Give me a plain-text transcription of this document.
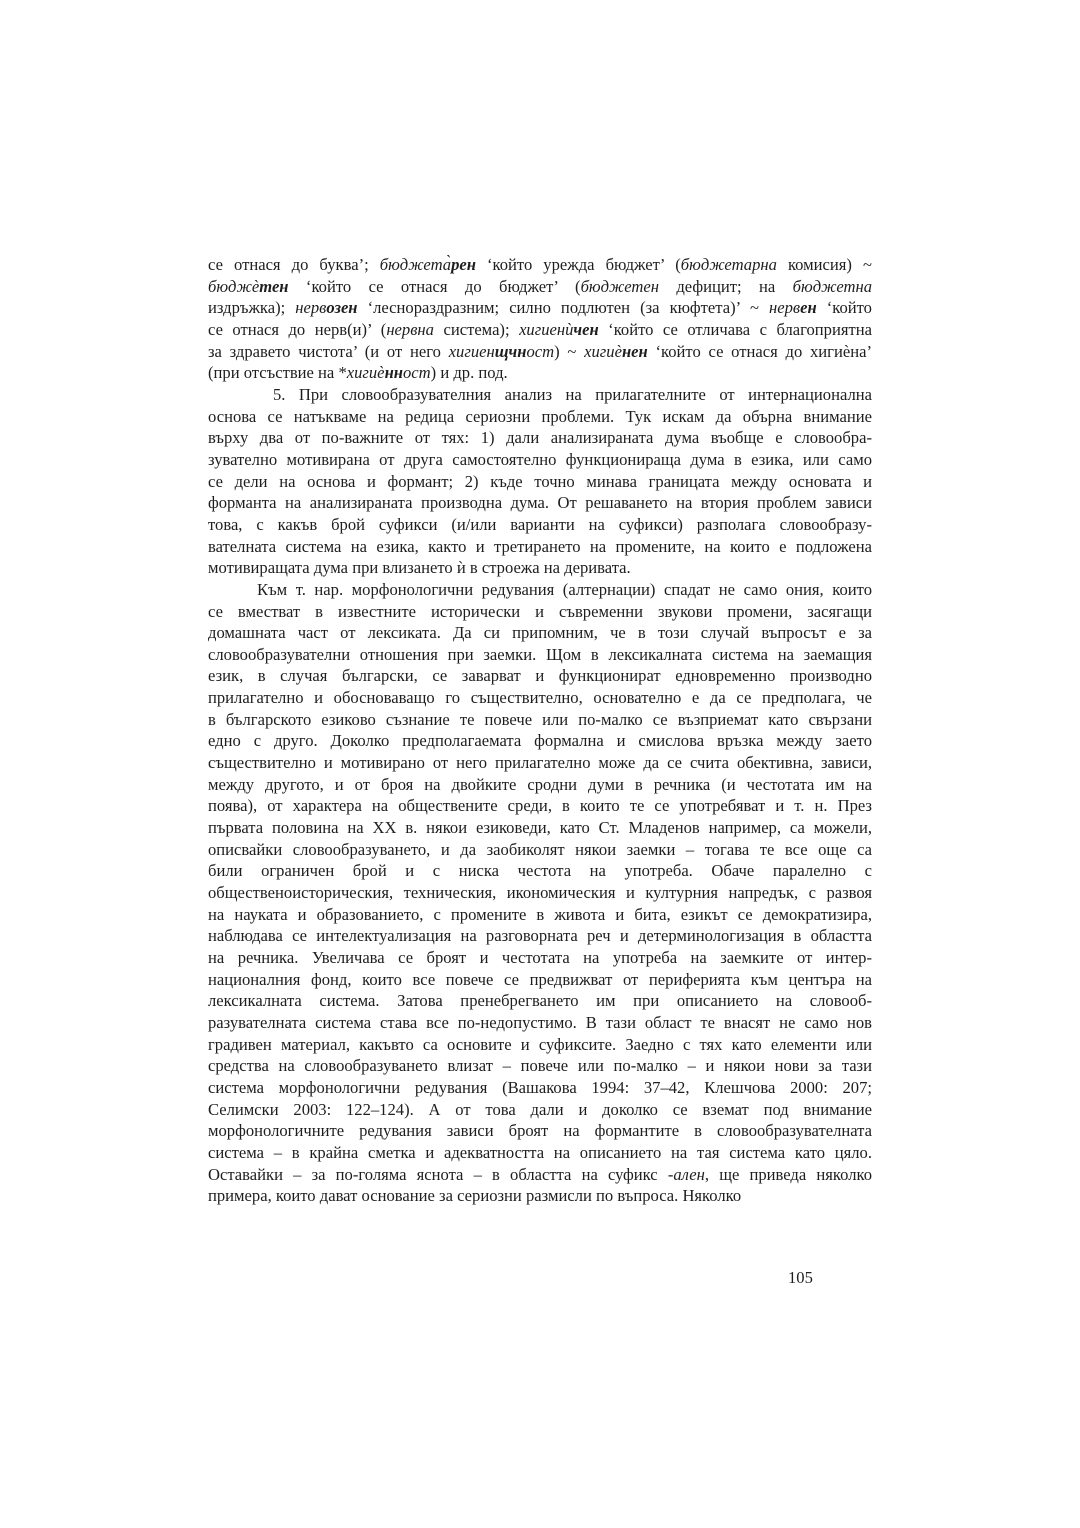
се отнася до буква’; бюджета̀рен ‘който урежда бюджет’ (бюджетарна комисия) ~
бюджѐтен ‘който се отнася до бюджет’ (бюджетен дефицит; на бюджетна
издръжка); нервозен ‘леснораздразним; силно подлютен (за кюфтета)’ ~ нервен ‘който
се отнася до нерв(и)’ (нервна система); хигиенѝчен ‘който се отличава с благоприятна
за здравето чистота’ (и от него хигиенщчност) ~ хигиѐнен ‘който се отнася до хигиѐна’
(при отсъствие на *хигиѐнност) и др. под.
5. При словообразувателния анализ на прилагателните от интернационална
основа се натъкваме на редица сериозни проблеми. Тук искам да обърна внимание
върху два от по-важните от тях: 1) дали анализираната дума въобще е словообра-
зувателно мотивирана от друга самостоятелно функционираща дума в езика, или само
се дели на основа и формант; 2) къде точно минава границата между основата и
форманта на анализираната производна дума. От решаването на втория проблем зависи
това, с какъв брой суфикси (и/или варианти на суфикси) разполага словообразу-
вателната система на езика, както и третирането на промените, на които е подложена
мотивиращата дума при влизането ѝ в строежа на деривата.
Към т. нар. морфонологични редувания (алтернации) спадат не само ония, които
се вместват в известните исторически и съвременни звукови промени, засягащи
домашната част от лексиката. Да си припомним, че в този случай въпросът е за
словообразувателни отношения при заемки. Щом в лексикалната система на заемащия
език, в случая български, се заварват и функционират едновременно производно
прилагателно и обосноваващо го съществително, основателно е да се предполага, че
в българското езиково съзнание те повече или по-малко се възприемат като свързани
едно с друго. Доколко предполагаемата формална и смислова връзка между заето
съществително и мотивирано от него прилагателно може да се счита обективна, зависи,
между другото, и от броя на двойките сродни думи в речника (и честотата им на
поява), от характера на обществените среди, в които те се употребяват и т. н. През
първата половина на XX в. някои езиковеди, като Ст. Младенов например, са можели,
описвайки словообразуването, и да заобиколят някои заемки – тогава те все още са
били ограничен брой и с ниска честота на употреба. Обаче паралелно с
общественоисторическия, техническия, икономическия и културния напредък, с развоя
на науката и образованието, с промените в живота и бита, езикът се демократизира,
наблюдава се интелектуализация на разговорната реч и детерминологизация в областта
на речника. Увеличава се броят и честотата на употреба на заемките от интер-
националния фонд, които все повече се предвижват от периферията към центъра на
лексикалната система. Затова пренебрегването им при описанието на словооб-
разувателната система става все по-недопустимо. В тази област те внасят не само нов
градивен материал, какъвто са основите и суфиксите. Заедно с тях като елементи или
средства на словообразуването влизат – повече или по-малко – и някои нови за тази
система морфонологични редувания (Вашакова 1994: 37–42, Клешчова 2000: 207;
Селимски 2003: 122–124). А от това дали и доколко се вземат под внимание
морфонологичните редувания зависи броят на формантите в словообразувателната
система – в крайна сметка и адекватността на описанието на тая система като цяло.
Оставайки – за по-голяма яснота – в областта на суфикс -ален, ще приведа няколко
примера, които дават основание за сериозни размисли по въпроса. Няколко
105
